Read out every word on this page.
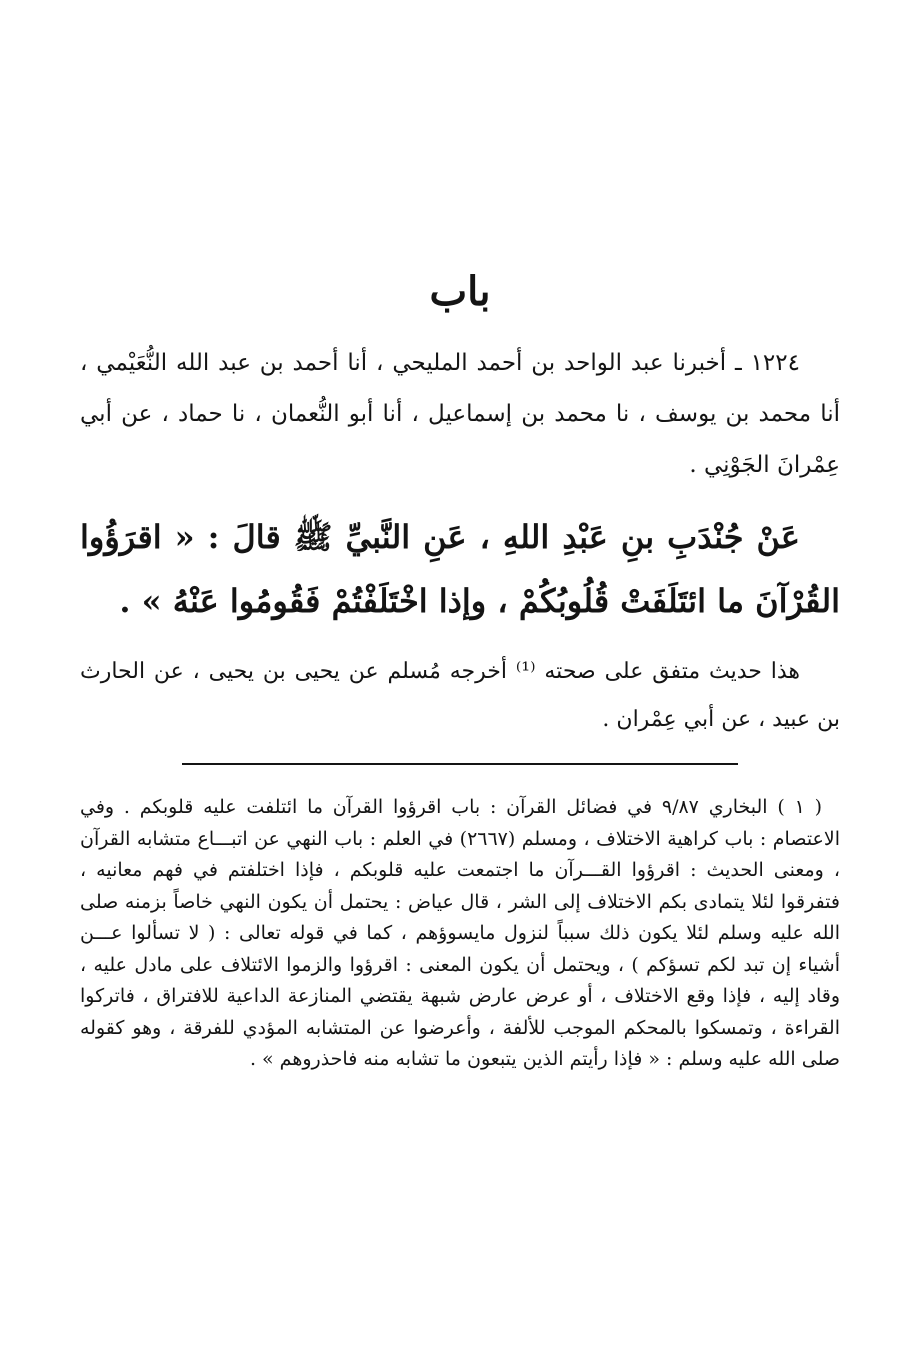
باب

١٢٢٤ ـ أخبرنا عبد الواحد بن أحمد المليحي ، أنا أحمد بن عبد الله النُّعَيْمي ، أنا محمد بن يوسف ، نا محمد بن إسماعيل ، أنا أبو النُّعمان ، نا حماد ، عن أبي عِمْرانَ الجَوْنِي .

عَنْ جُنْدَبِ بنِ عَبْدِ اللهِ ، عَنِ النَّبيِّ ﷺ قالَ : « اقرَؤُوا القُرْآنَ ما ائتَلَفَتْ قُلُوبُكُمْ ، وإذا اخْتَلَفْتُمْ فَقُومُوا عَنْهُ » .

هذا حديث متفق على صحته ⁽¹⁾ أخرجه مُسلم عن يحيى بن يحيى ، عن الحارث بن عبيد ، عن أبي عِمْران .

( ١ ) البخاري ٩/٨٧ في فضائل القرآن : باب اقرؤوا القرآن ما ائتلفت عليه قلوبكم . وفي الاعتصام : باب كراهية الاختلاف ، ومسلم (٢٦٦٧) في العلم : باب النهي عن اتبـــاع متشابه القرآن ، ومعنى الحديث : اقرؤوا القـــرآن ما اجتمعت عليه قلوبكم ، فإذا اختلفتم في فهم معانيه ، فتفرقوا لئلا يتمادى بكم الاختلاف إلى الشر ، قال عياض : يحتمل أن يكون النهي خاصاً بزمنه صلى الله عليه وسلم لئلا يكون ذلك سبباً لنزول مايسوؤهم ، كما في قوله تعالى : ( لا تسألوا عـــن أشياء إن تبد لكم تسؤكم ) ، ويحتمل أن يكون المعنى : اقرؤوا والزموا الائتلاف على مادل عليه ، وقاد إليه ، فإذا وقع الاختلاف ، أو عرض عارض شبهة يقتضي المنازعة الداعية للافتراق ، فاتركوا القراءة ، وتمسكوا بالمحكم الموجب للألفة ، وأعرضوا عن المتشابه المؤدي للفرقة ، وهو كقوله صلى الله عليه وسلم : « فإذا رأيتم الذين يتبعون ما تشابه منه فاحذروهم » .
